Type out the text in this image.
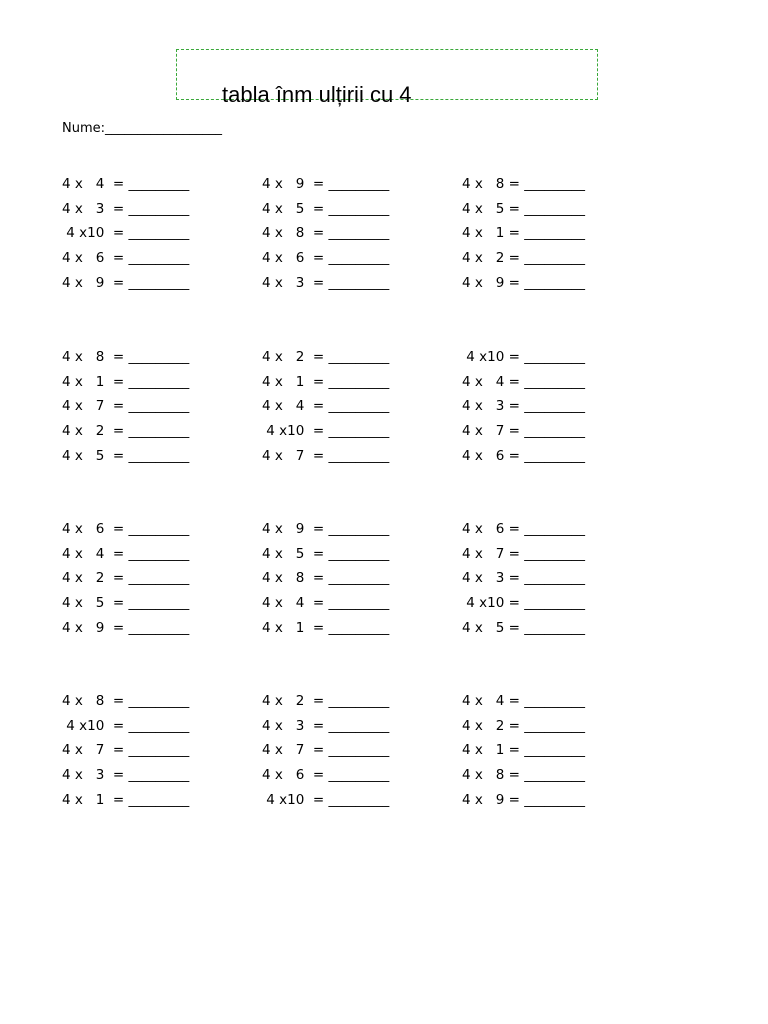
tabla înm ulțirii cu 4
Nume:__________________
4 x   4  = _________	4 x   9  = _________	4 x   8 = _________
4 x   3  = _________	4 x   5  = _________	4 x   5 = _________
4 x10  = _________	4 x   8  = _________	4 x   1 = _________
4 x   6  = _________	4 x   6  = _________	4 x   2 = _________
4 x   9  = _________	4 x   3  = _________	4 x   9 = _________
4 x   8  = _________	4 x   2  = _________	4 x10 = _________
4 x   1  = _________	4 x   1  = _________	4 x   4 = _________
4 x   7  = _________	4 x   4  = _________	4 x   3 = _________
4 x   2  = _________	4 x10  = _________	4 x   7 = _________
4 x   5  = _________	4 x   7  = _________	4 x   6 = _________
4 x   6  = _________	4 x   9  = _________	4 x   6 = _________
4 x   4  = _________	4 x   5  = _________	4 x   7 = _________
4 x   2  = _________	4 x   8  = _________	4 x   3 = _________
4 x   5  = _________	4 x   4  = _________	4 x10 = _________
4 x   9  = _________	4 x   1  = _________	4 x   5 = _________
4 x   8  = _________	4 x   2  = _________	4 x   4 = _________
4 x10  = _________	4 x   3  = _________	4 x   2 = _________
4 x   7  = _________	4 x   7  = _________	4 x   1 = _________
4 x   3  = _________	4 x   6  = _________	4 x   8 = _________
4 x   1  = _________	4 x10  = _________	4 x   9 = _________
